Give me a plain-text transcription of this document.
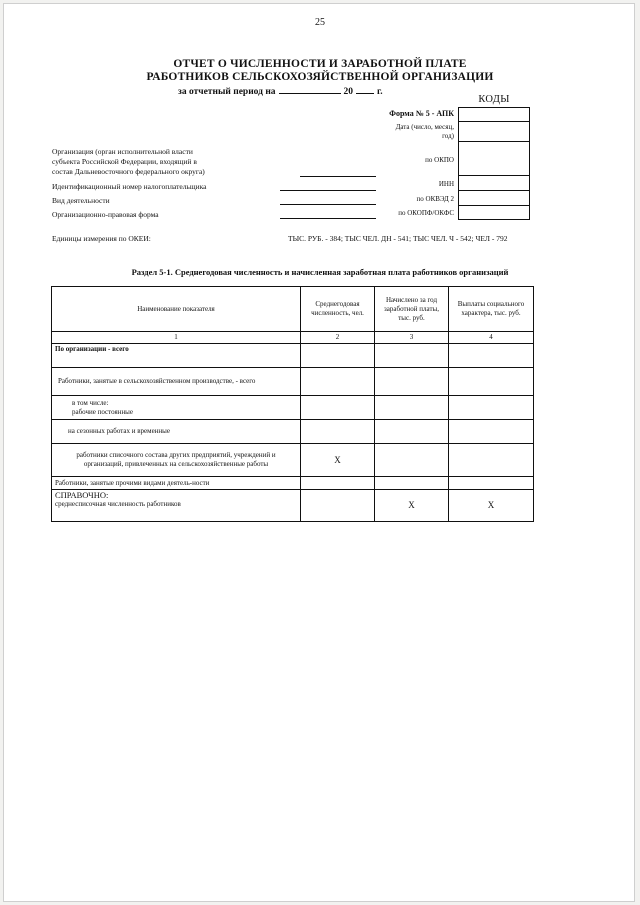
25
ОТЧЕТ О ЧИСЛЕННОСТИ И ЗАРАБОТНОЙ ПЛАТЕ
РАБОТНИКОВ СЕЛЬСКОХОЗЯЙСТВЕННОЙ ОРГАНИЗАЦИИ
за отчетный период на	20	г.
КОДЫ
Форма № 5 - АПК
Дата (число, месяц,
год)
по ОКПО
ИНН
по ОКВЭД 2
по ОКОПФ/ОКФС
Организация (орган исполнительной власти
субъекта Российской Федерации, входящий в
состав Дальневосточного федерального округа)
Идентификационный номер налогоплательщика
Вид деятельности
Организационно-правовая форма
Единицы измерения по ОКЕИ:	ТЫС. РУБ. - 384; ТЫС ЧЕЛ. ДН - 541; ТЫС ЧЕЛ. Ч - 542; ЧЕЛ - 792
Раздел 5-1. Среднегодовая численность и начисленная заработная плата работников организаций
Наименование показателя	Среднегодовая численность, чел.	Начислено за год заработной платы, тыс. руб.	Выплаты социального характера, тыс. руб.
1	2	3	4
По организации - всего			
Работники, занятые в сельскохозяйственном производстве, - всего			

в том числе:
рабочие постоянные			

на сезонных работах и временные			
работники списочного состава других предприятий, учреждений и организаций, привлеченных на сельскохозяйственные работы	X		
Работники, занятые прочими видами деятель-ности			

СПРАВОЧНО:
среднесписочная численность работников		X	X
